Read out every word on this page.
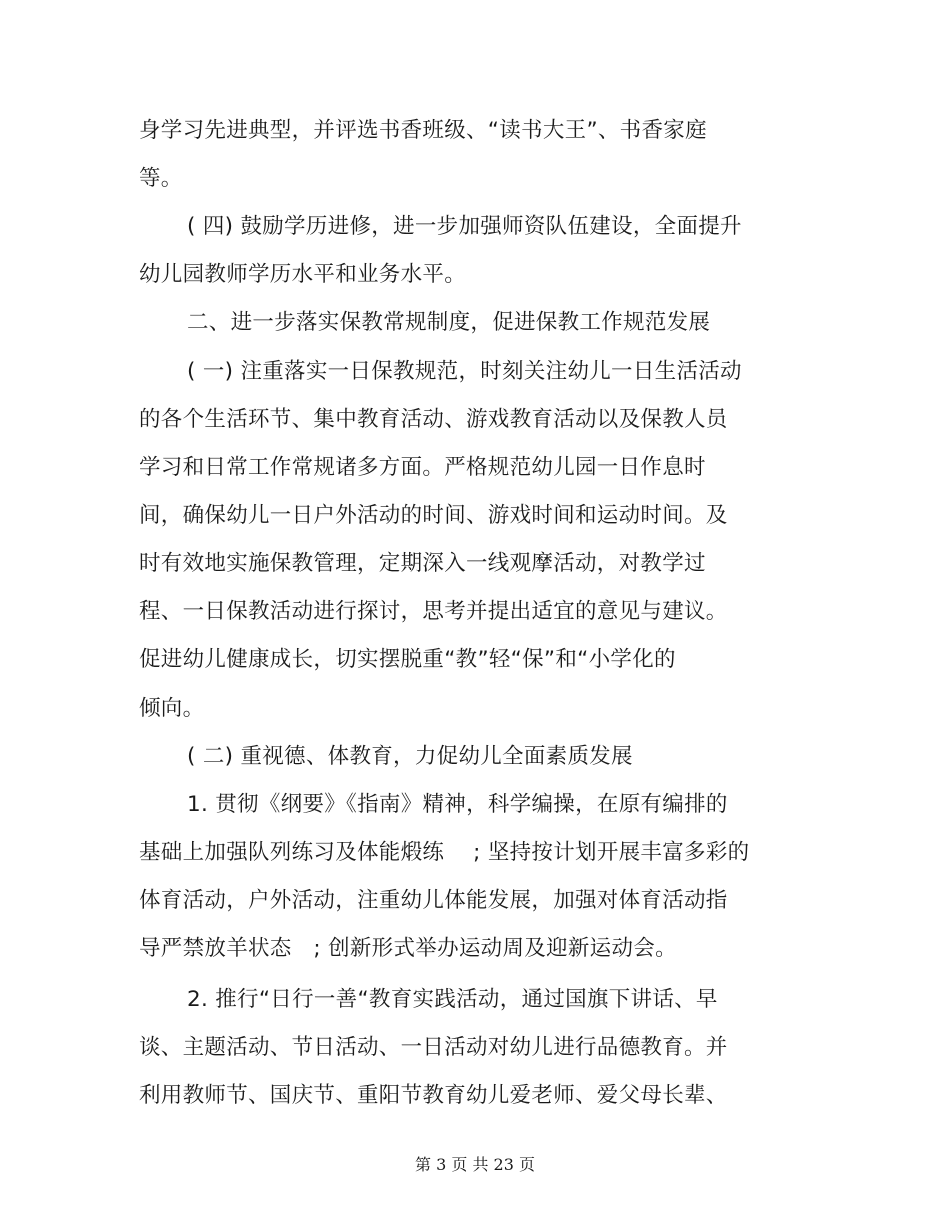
身学习先进典型，并评选书香班级、“读书大王”、书香家庭
等。
( 四) 鼓励学历进修，进一步加强师资队伍建设，全面提升
幼儿园教师学历水平和业务水平。
二、进一步落实保教常规制度，促进保教工作规范发展
( 一) 注重落实一日保教规范，时刻关注幼儿一日生活活动
的各个生活环节、集中教育活动、游戏教育活动以及保教人员
学习和日常工作常规诸多方面。严格规范幼儿园一日作息时
间，确保幼儿一日户外活动的时间、游戏时间和运动时间。及
时有效地实施保教管理，定期深入一线观摩活动，对教学过
程、一日保教活动进行探讨，思考并提出适宜的意见与建议。
促进幼儿健康成长，切实摆脱重“教”轻“保”和“小学化的
倾向。
( 二) 重视德、体教育，力促幼儿全面素质发展
1. 贯彻《纲要》《指南》精神，科学编操，在原有编排的
基础上加强队列练习及体能煅练　 ; 坚持按计划开展丰富多彩的
体育活动，户外活动，注重幼儿体能发展，加强对体育活动指
导严禁放羊状态　; 创新形式举办运动周及迎新运动会。
2. 推行“日行一善“教育实践活动，通过国旗下讲话、早
谈、主题活动、节日活动、一日活动对幼儿进行品德教育。并
利用教师节、国庆节、重阳节教育幼儿爱老师、爱父母长辈、
第 3 页 共 23 页
